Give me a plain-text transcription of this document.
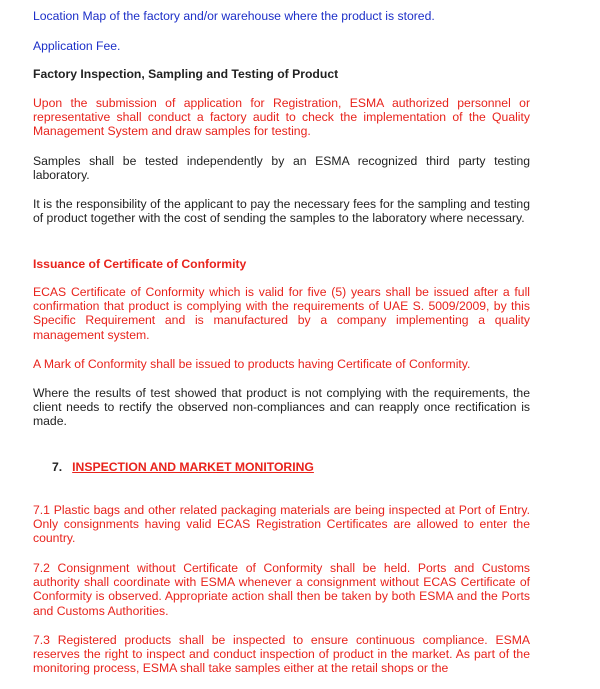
Location Map of the factory and/or warehouse where the product is stored.

Application Fee.

Factory Inspection, Sampling and Testing of Product

Upon the submission of application for Registration, ESMA authorized personnel or representative shall conduct a factory audit to check the implementation of the Quality Management System and draw samples for testing.

Samples shall be tested independently by an ESMA recognized third party testing laboratory.

It is the responsibility of the applicant to pay the necessary fees for the sampling and testing of product together with the cost of sending the samples to the laboratory where necessary.

Issuance of Certificate of Conformity

ECAS Certificate of Conformity which is valid for five (5) years shall be issued after a full confirmation that product is complying with the requirements of UAE S. 5009/2009, by this Specific Requirement and is manufactured by a company implementing a quality management system.

A Mark of Conformity shall be issued to products having Certificate of Conformity.

Where the results of test showed that product is not complying with the requirements, the client needs to rectify the observed non-compliances and can reapply once rectification is made.

7. INSPECTION AND MARKET MONITORING

7.1 Plastic bags and other related packaging materials are being inspected at Port of Entry. Only consignments having valid ECAS Registration Certificates are allowed to enter the country.

7.2 Consignment without Certificate of Conformity shall be held. Ports and Customs authority shall coordinate with ESMA whenever a consignment without ECAS Certificate of Conformity is observed. Appropriate action shall then be taken by both ESMA and the Ports and Customs Authorities.

7.3 Registered products shall be inspected to ensure continuous compliance. ESMA reserves the right to inspect and conduct inspection of product in the market. As part of the monitoring process, ESMA shall take samples either at the retail shops or the
